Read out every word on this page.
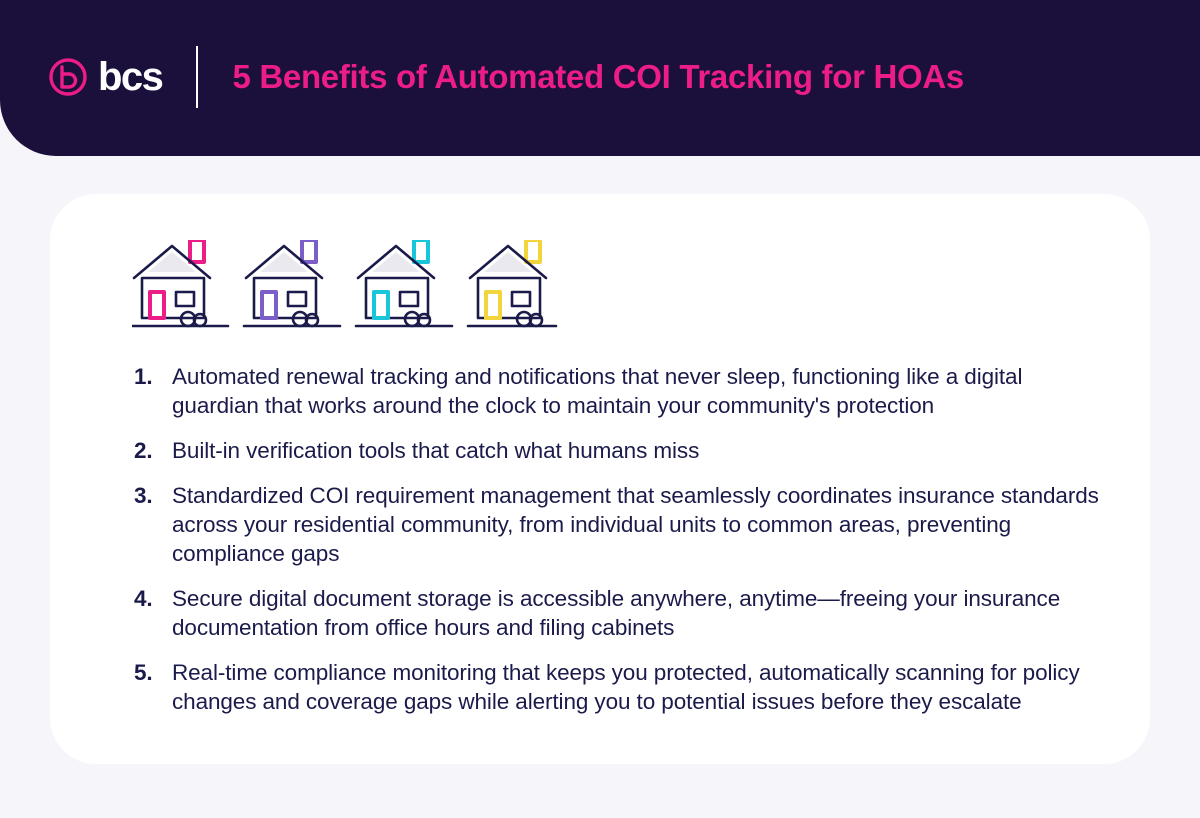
bcs 5 Benefits of Automated COI Tracking for HOAs
1. Automated renewal tracking and notifications that never sleep, functioning like a digital guardian that works around the clock to maintain your community's protection
2. Built-in verification tools that catch what humans miss
3. Standardized COI requirement management that seamlessly coordinates insurance standards across your residential community, from individual units to common areas, preventing compliance gaps
4. Secure digital document storage is accessible anywhere, anytime—freeing your insurance documentation from office hours and filing cabinets
5. Real-time compliance monitoring that keeps you protected, automatically scanning for policy changes and coverage gaps while alerting you to potential issues before they escalate
